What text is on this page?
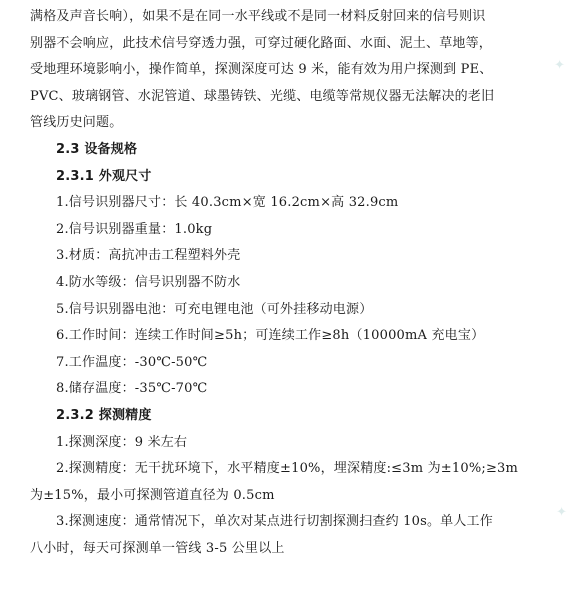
满格及声音长响），如果不是在同一水平线或不是同一材料反射回来的信号则识
别器不会响应，此技术信号穿透力强，可穿过硬化路面、水面、泥土、草地等，
受地理环境影响小，操作简单，探测深度可达 9 米，能有效为用户探测到 PE、
PVC、玻璃钢管、水泥管道、球墨铸铁、光缆、电缆等常规仪器无法解决的老旧
管线历史问题。
2.3 设备规格
2.3.1 外观尺寸
1.信号识别器尺寸：长 40.3cm×宽 16.2cm×高 32.9cm
2.信号识别器重量：1.0kg
3.材质：高抗冲击工程塑料外壳
4.防水等级：信号识别器不防水
5.信号识别器电池：可充电锂电池（可外挂移动电源）
6.工作时间：连续工作时间≥5h；可连续工作≥8h（10000mA 充电宝）
7.工作温度：-30℃-50℃
8.储存温度：-35℃-70℃
2.3.2 探测精度
1.探测深度：9 米左右
2.探测精度：无干扰环境下，水平精度±10%，埋深精度:≤3m 为±10%;≥3m
为±15%，最小可探测管道直径为 0.5cm
3.探测速度：通常情况下，单次对某点进行切割探测扫查约 10s。单人工作
八小时，每天可探测单一管线 3-5 公里以上
✦
✦
